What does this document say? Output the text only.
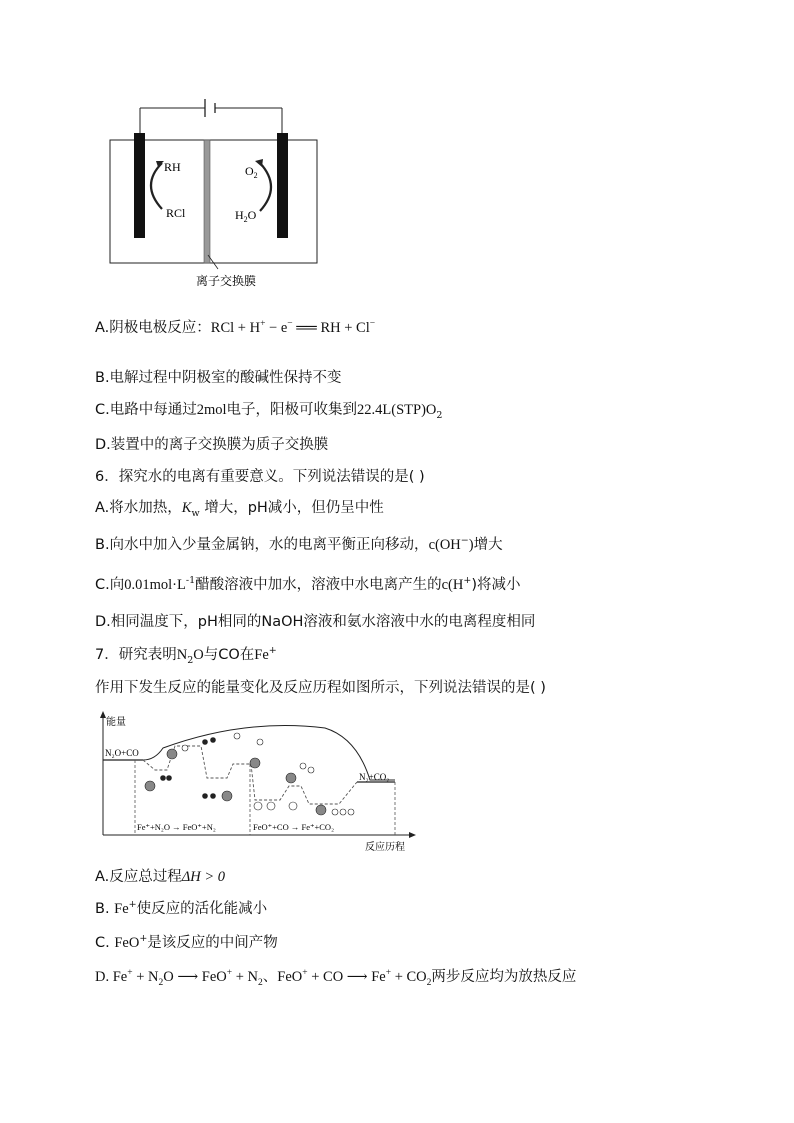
RH
RCl
$O_2$
$H_2O$
离子交换膜
A.阴极电极反应：RCl + H+ − e− ══ RH + Cl−
B.电解过程中阴极室的酸碱性保持不变
C.电路中每通过2mol电子，阳极可收集到$22.4L(STP)O_2$
D.装置中的离子交换膜为质子交换膜
6．探究水的电离有重要意义。下列说法错误的是( )
A.将水加热，$K_w$ 增大，pH减小，但仍呈中性
B.向水中加入少量金属钠，水的电离平衡正向移动，c(OH−)增大
C.向$0.01mol\cdot L^{-1}$醋酸溶液中加水，溶液中水电离产生的c(H+)将减小
D.相同温度下，pH相同的NaOH溶液和氨水溶液中水的电离程度相同
7．研究表明$N_2O$与CO在Fe+
作用下发生反应的能量变化及反应历程如图所示，下列说法错误的是( )
能量
反应历程
N₂O+CO
N₂+CO₂
Fe⁺+N₂O → FeO⁺+N₂	FeO⁺+CO → Fe⁺+CO₂
A.反应总过程ΔH > 0
B. Fe+使反应的活化能减小
C. FeO+是该反应的中间产物
D. $Fe^+ + N_2O$ ⟶ $FeO^+ + N_2$、FeO+ + CO ⟶ $Fe^+ + CO_2$两步反应均为放热反应
